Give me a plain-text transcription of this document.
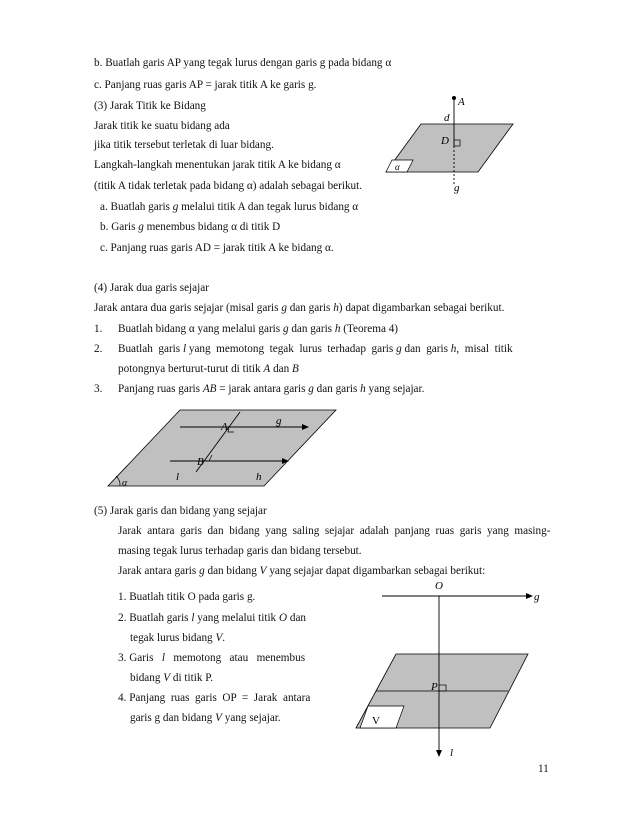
b. Buatlah garis AP yang tegak lurus dengan garis g pada bidang α
c. Panjang ruas garis AP = jarak titik A ke garis g.
(3) Jarak Titik ke Bidang
Jarak titik ke suatu bidang ada
jika titik tersebut terletak di luar bidang.
Langkah-langkah menentukan jarak titik A ke bidang α
(titik A tidak terletak pada bidang α) adalah sebagai berikut.
a. Buatlah garis g melalui titik A dan tegak lurus bidang α
b. Garis g menembus bidang α di titik D
c. Panjang ruas garis AD = jarak titik A ke bidang α.
A
d
D
α
g
(4) Jarak dua garis sejajar
Jarak antara dua garis sejajar (misal garis g dan garis h) dapat digambarkan sebagai berikut.
1. Buatlah bidang α yang melalui garis g dan garis h (Teorema 4)
2. Buatlah  garis l yang  memotong  tegak  lurus  terhadap  garis g dan  garis h,  misal  titik
potongnya berturut-turut di titik A dan B
3. Panjang ruas garis AB = jarak antara garis g dan garis h yang sejajar.
A
B
g
h
l
α
(5) Jarak garis dan bidang yang sejajar
Jarak  antara  garis  dan  bidang  yang  saling  sejajar  adalah  panjang  ruas  garis  yang  masing-
masing tegak lurus terhadap garis dan bidang tersebut.
Jarak antara garis g dan bidang V yang sejajar dapat digambarkan sebagai berikut:
1. Buatlah titik O pada garis g.
2. Buatlah garis l yang melalui titik O dan
tegak lurus bidang V.
3. Garis   l   memotong   atau   menembus
bidang V di titik P.
4. Panjang  ruas  garis  OP  =  Jarak  antara
garis g dan bidang V yang sejajar.
O
g
P
V
l
11
